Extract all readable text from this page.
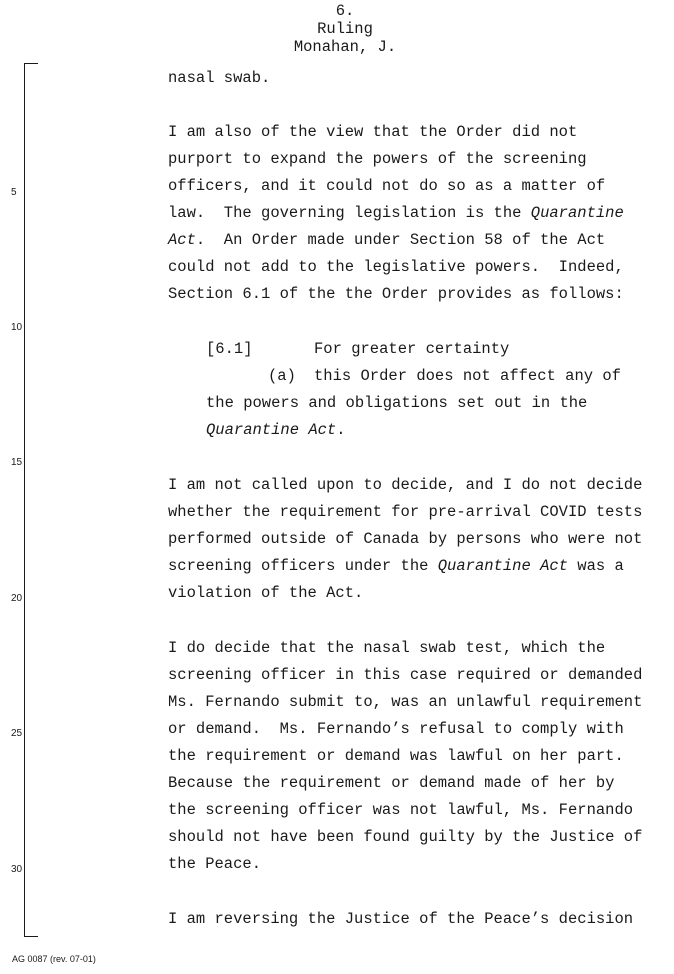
6.
Ruling
Monahan, J.
5
10
15
20
25
30
nasal swab.
I am also of the view that the Order did not
purport to expand the powers of the screening
officers, and it could not do so as a matter of
law.  The governing legislation is the Quarantine
Act.  An Order made under Section 58 of the Act
could not add to the legislative powers.  Indeed,
Section 6.1 of the the Order provides as follows:
[6.1]	For greater certainty
(a) this Order does not affect any of
the powers and obligations set out in the
Quarantine Act.
I am not called upon to decide, and I do not decide
whether the requirement for pre-arrival COVID tests
performed outside of Canada by persons who were not
screening officers under the Quarantine Act was a
violation of the Act.
I do decide that the nasal swab test, which the
screening officer in this case required or demanded
Ms. Fernando submit to, was an unlawful requirement
or demand.  Ms. Fernando’s refusal to comply with
the requirement or demand was lawful on her part.
Because the requirement or demand made of her by
the screening officer was not lawful, Ms. Fernando
should not have been found guilty by the Justice of
the Peace.
I am reversing the Justice of the Peace’s decision
AG 0087 (rev. 07-01)
